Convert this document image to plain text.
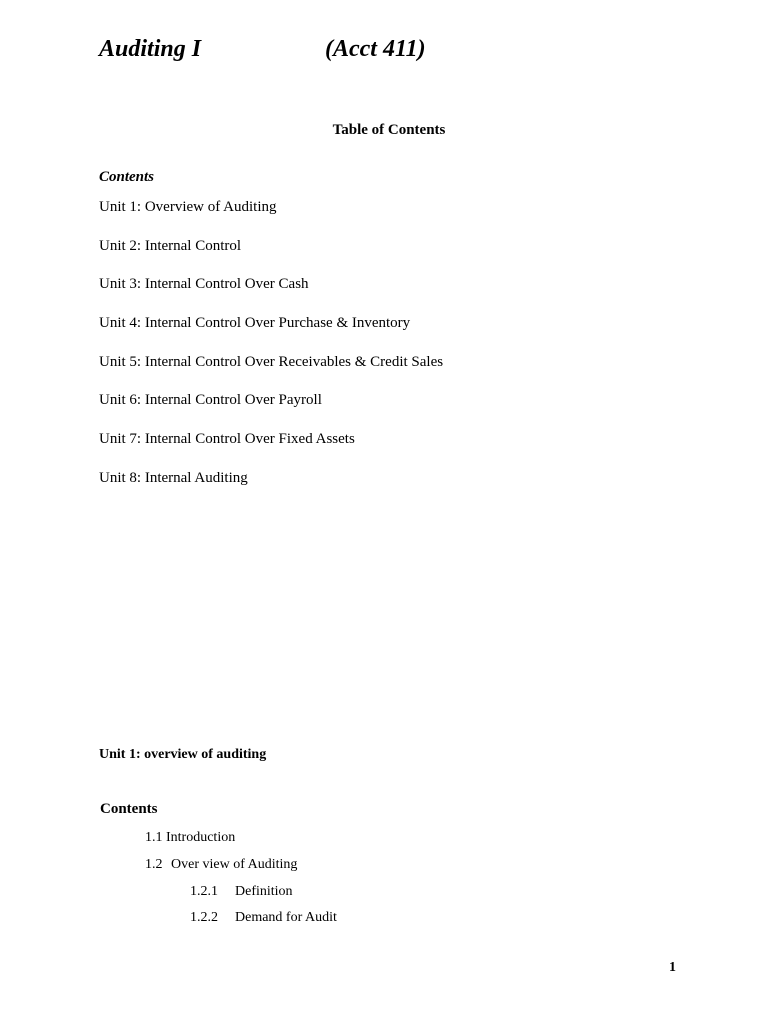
Auditing I	(Acct 411)
Table of Contents
Contents
Unit 1: Overview of Auditing
Unit 2: Internal Control
Unit 3: Internal Control Over Cash
Unit 4: Internal Control Over Purchase & Inventory
Unit 5: Internal Control Over Receivables & Credit Sales
Unit 6: Internal Control Over Payroll
Unit 7: Internal Control Over Fixed Assets
Unit 8: Internal Auditing
Unit 1: overview of auditing
Contents
1.1 Introduction
1.2 Over view of Auditing
1.2.1 Definition
1.2.2 Demand for Audit
1
